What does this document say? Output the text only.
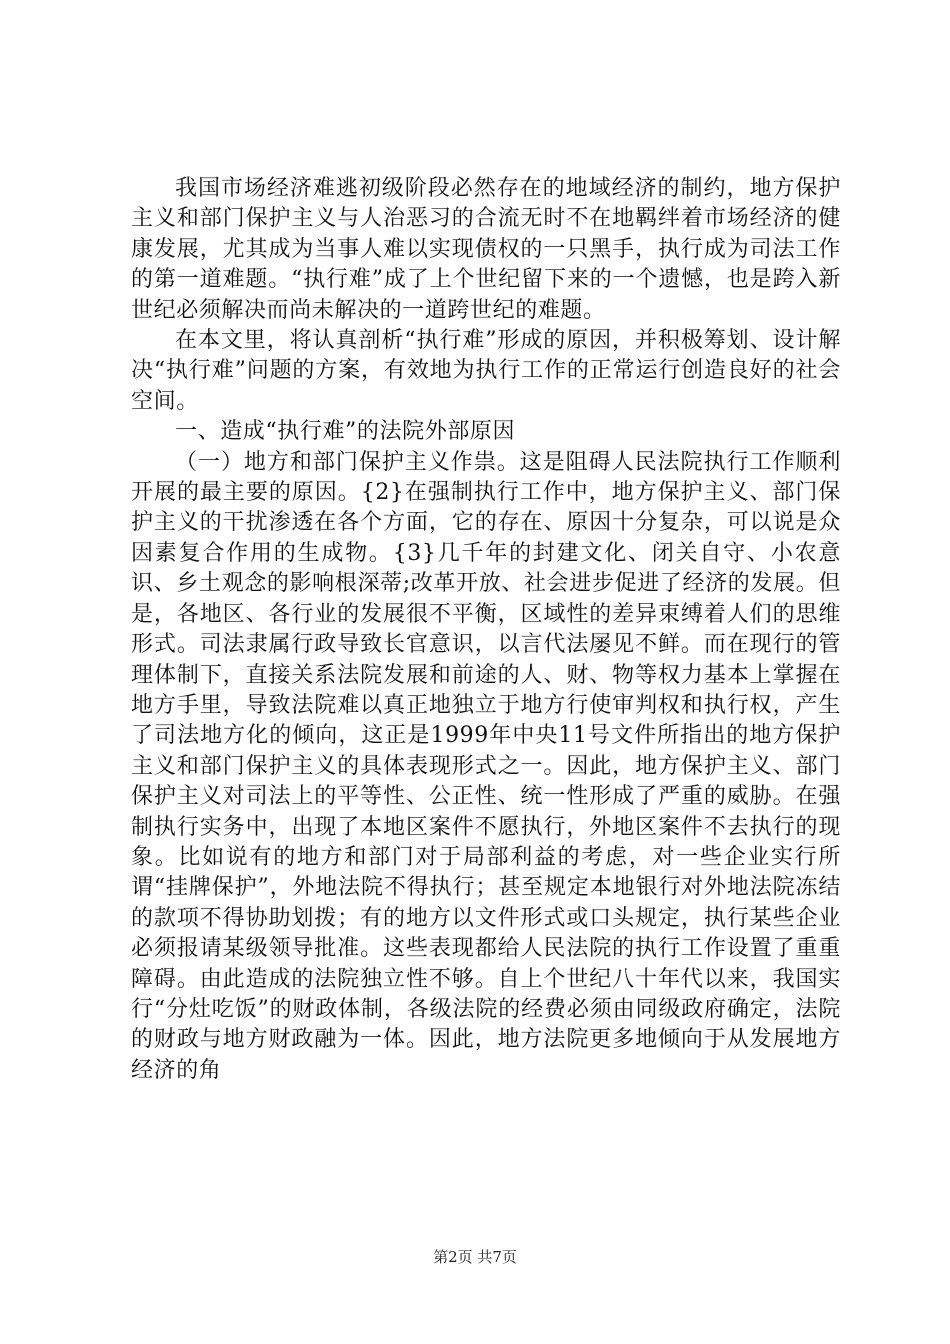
我国市场经济难逃初级阶段必然存在的地域经济的制约，地方保护主义和部门保护主义与人治恶习的合流无时不在地羁绊着市场经济的健康发展，尤其成为当事人难以实现债权的一只黑手，执行成为司法工作的第一道难题。“执行难”成了上个世纪留下来的一个遗憾，也是跨入新世纪必须解决而尚未解决的一道跨世纪的难题。

在本文里，将认真剖析“执行难”形成的原因，并积极筹划、设计解决“执行难”问题的方案，有效地为执行工作的正常运行创造良好的社会空间。

一、造成“执行难”的法院外部原因

（一）地方和部门保护主义作祟。这是阻碍人民法院执行工作顺利开展的最主要的原因。{2}在强制执行工作中，地方保护主义、部门保护主义的干扰渗透在各个方面，它的存在、原因十分复杂，可以说是众因素复合作用的生成物。{3}几千年的封建文化、闭关自守、小农意识、乡土观念的影响根深蒂;改革开放、社会进步促进了经济的发展。但是，各地区、各行业的发展很不平衡，区域性的差异束缚着人们的思维形式。司法隶属行政导致长官意识，以言代法屡见不鲜。而在现行的管理体制下，直接关系法院发展和前途的人、财、物等权力基本上掌握在地方手里，导致法院难以真正地独立于地方行使审判权和执行权，产生了司法地方化的倾向，这正是1999年中央11号文件所指出的地方保护主义和部门保护主义的具体表现形式之一。因此，地方保护主义、部门保护主义对司法上的平等性、公正性、统一性形成了严重的威胁。在强制执行实务中，出现了本地区案件不愿执行，外地区案件不去执行的现象。比如说有的地方和部门对于局部利益的考虑，对一些企业实行所谓“挂牌保护”，外地法院不得执行；甚至规定本地银行对外地法院冻结的款项不得协助划拨；有的地方以文件形式或口头规定，执行某些企业必须报请某级领导批准。这些表现都给人民法院的执行工作设置了重重障碍。由此造成的法院独立性不够。自上个世纪八十年代以来，我国实行“分灶吃饭”的财政体制，各级法院的经费必须由同级政府确定，法院的财政与地方财政融为一体。因此，地方法院更多地倾向于从发展地方经济的角

第2页 共7页
